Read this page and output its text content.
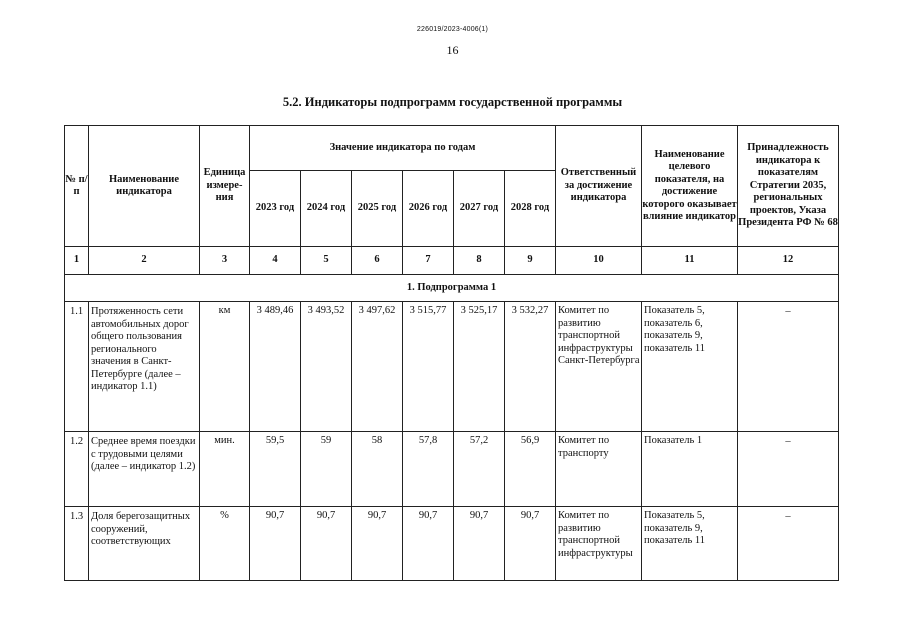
226019/2023-4006(1)
16
5.2. Индикаторы подпрограмм государственной программы
№ п/п	Наименование индикатора	Единица измере-ния	Значение индикатора по годам						Ответственный за достижение индикатора	Наименование целевого показателя, на достижение которого оказывает влияние индикатор	Принадлежность индикатора к показателям Стратегии 2035, региональных проектов, Указа Президента РФ № 68
			2023 год	2024 год	2025 год	2026 год	2027 год	2028 год			
1	2	3	4	5	6	7	8	9	10	11	12
1. Подпрограмма 1											
1.1	Протяженность сети автомобильных дорог общего пользования регионального значения в Санкт-Петербурге (далее – индикатор 1.1)	км	3 489,46	3 493,52	3 497,62	3 515,77	3 525,17	3 532,27	Комитет по развитию транспортной инфраструктуры Санкт-Петербурга	Показатель 5, показатель 6, показатель 9, показатель 11	–
1.2	Среднее время поездки с трудовыми целями (далее – индикатор 1.2)	мин.	59,5	59	58	57,8	57,2	56,9	Комитет по транспорту	Показатель 1	–
1.3	Доля берегозащитных сооружений, соответствующих	%	90,7	90,7	90,7	90,7	90,7	90,7	Комитет по развитию транспортной инфраструктуры	Показатель 5, показатель 9, показатель 11	–
